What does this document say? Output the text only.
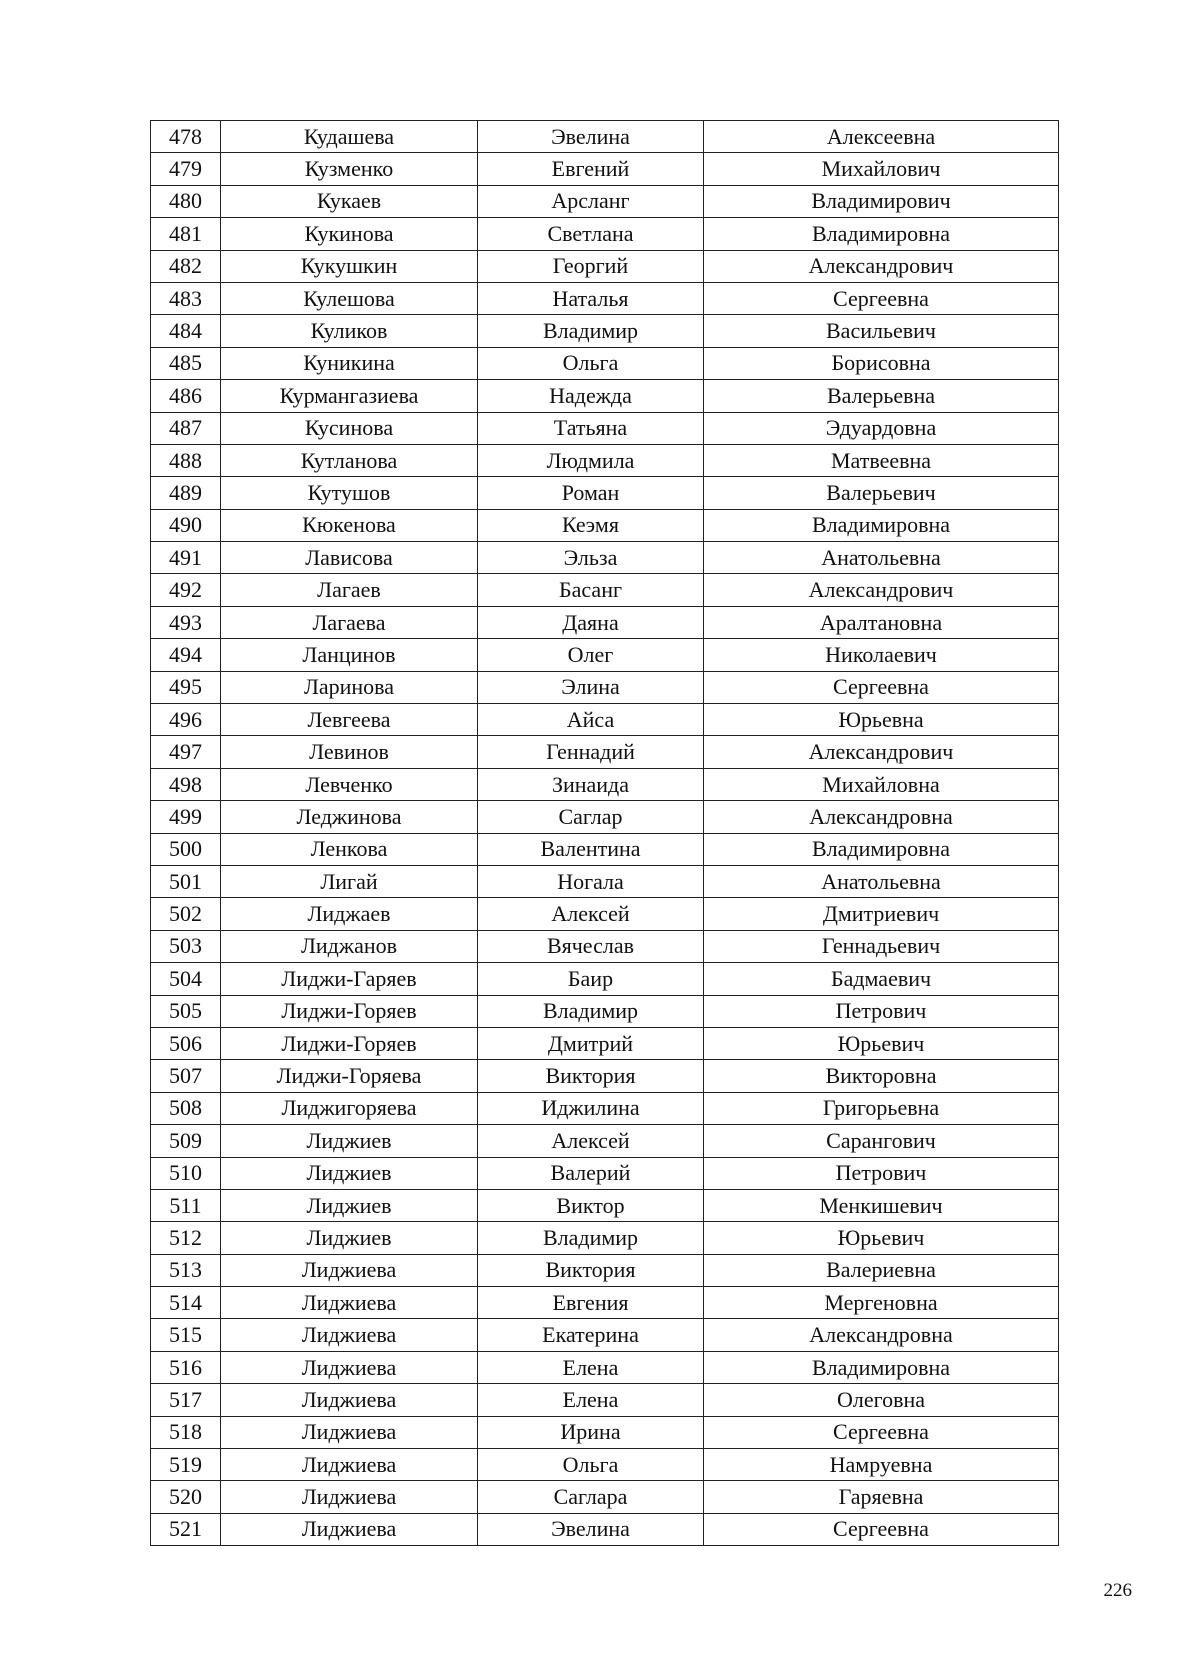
478	Кудашева	Эвелина	Алексеевна
479	Кузменко	Евгений	Михайлович
480	Кукаев	Арсланг	Владимирович
481	Кукинова	Светлана	Владимировна
482	Кукушкин	Георгий	Александрович
483	Кулешова	Наталья	Сергеевна
484	Куликов	Владимир	Васильевич
485	Куникина	Ольга	Борисовна
486	Курмангазиева	Надежда	Валерьевна
487	Кусинова	Татьяна	Эдуардовна
488	Кутланова	Людмила	Матвеевна
489	Кутушов	Роман	Валерьевич
490	Кюкенова	Кеэмя	Владимировна
491	Лависова	Эльза	Анатольевна
492	Лагаев	Басанг	Александрович
493	Лагаева	Даяна	Аралтановна
494	Ланцинов	Олег	Николаевич
495	Ларинова	Элина	Сергеевна
496	Левгеева	Айса	Юрьевна
497	Левинов	Геннадий	Александрович
498	Левченко	Зинаида	Михайловна
499	Леджинова	Саглар	Александровна
500	Ленкова	Валентина	Владимировна
501	Лигай	Ногала	Анатольевна
502	Лиджаев	Алексей	Дмитриевич
503	Лиджанов	Вячеслав	Геннадьевич
504	Лиджи-Гаряев	Баир	Бадмаевич
505	Лиджи-Горяев	Владимир	Петрович
506	Лиджи-Горяев	Дмитрий	Юрьевич
507	Лиджи-Горяева	Виктория	Викторовна
508	Лиджигоряева	Иджилина	Григорьевна
509	Лиджиев	Алексей	Сарангович
510	Лиджиев	Валерий	Петрович
511	Лиджиев	Виктор	Менкишевич
512	Лиджиев	Владимир	Юрьевич
513	Лиджиева	Виктория	Валериевна
514	Лиджиева	Евгения	Мергеновна
515	Лиджиева	Екатерина	Александровна
516	Лиджиева	Елена	Владимировна
517	Лиджиева	Елена	Олеговна
518	Лиджиева	Ирина	Сергеевна
519	Лиджиева	Ольга	Намруевна
520	Лиджиева	Саглара	Гаряевна
521	Лиджиева	Эвелина	Сергеевна
226
